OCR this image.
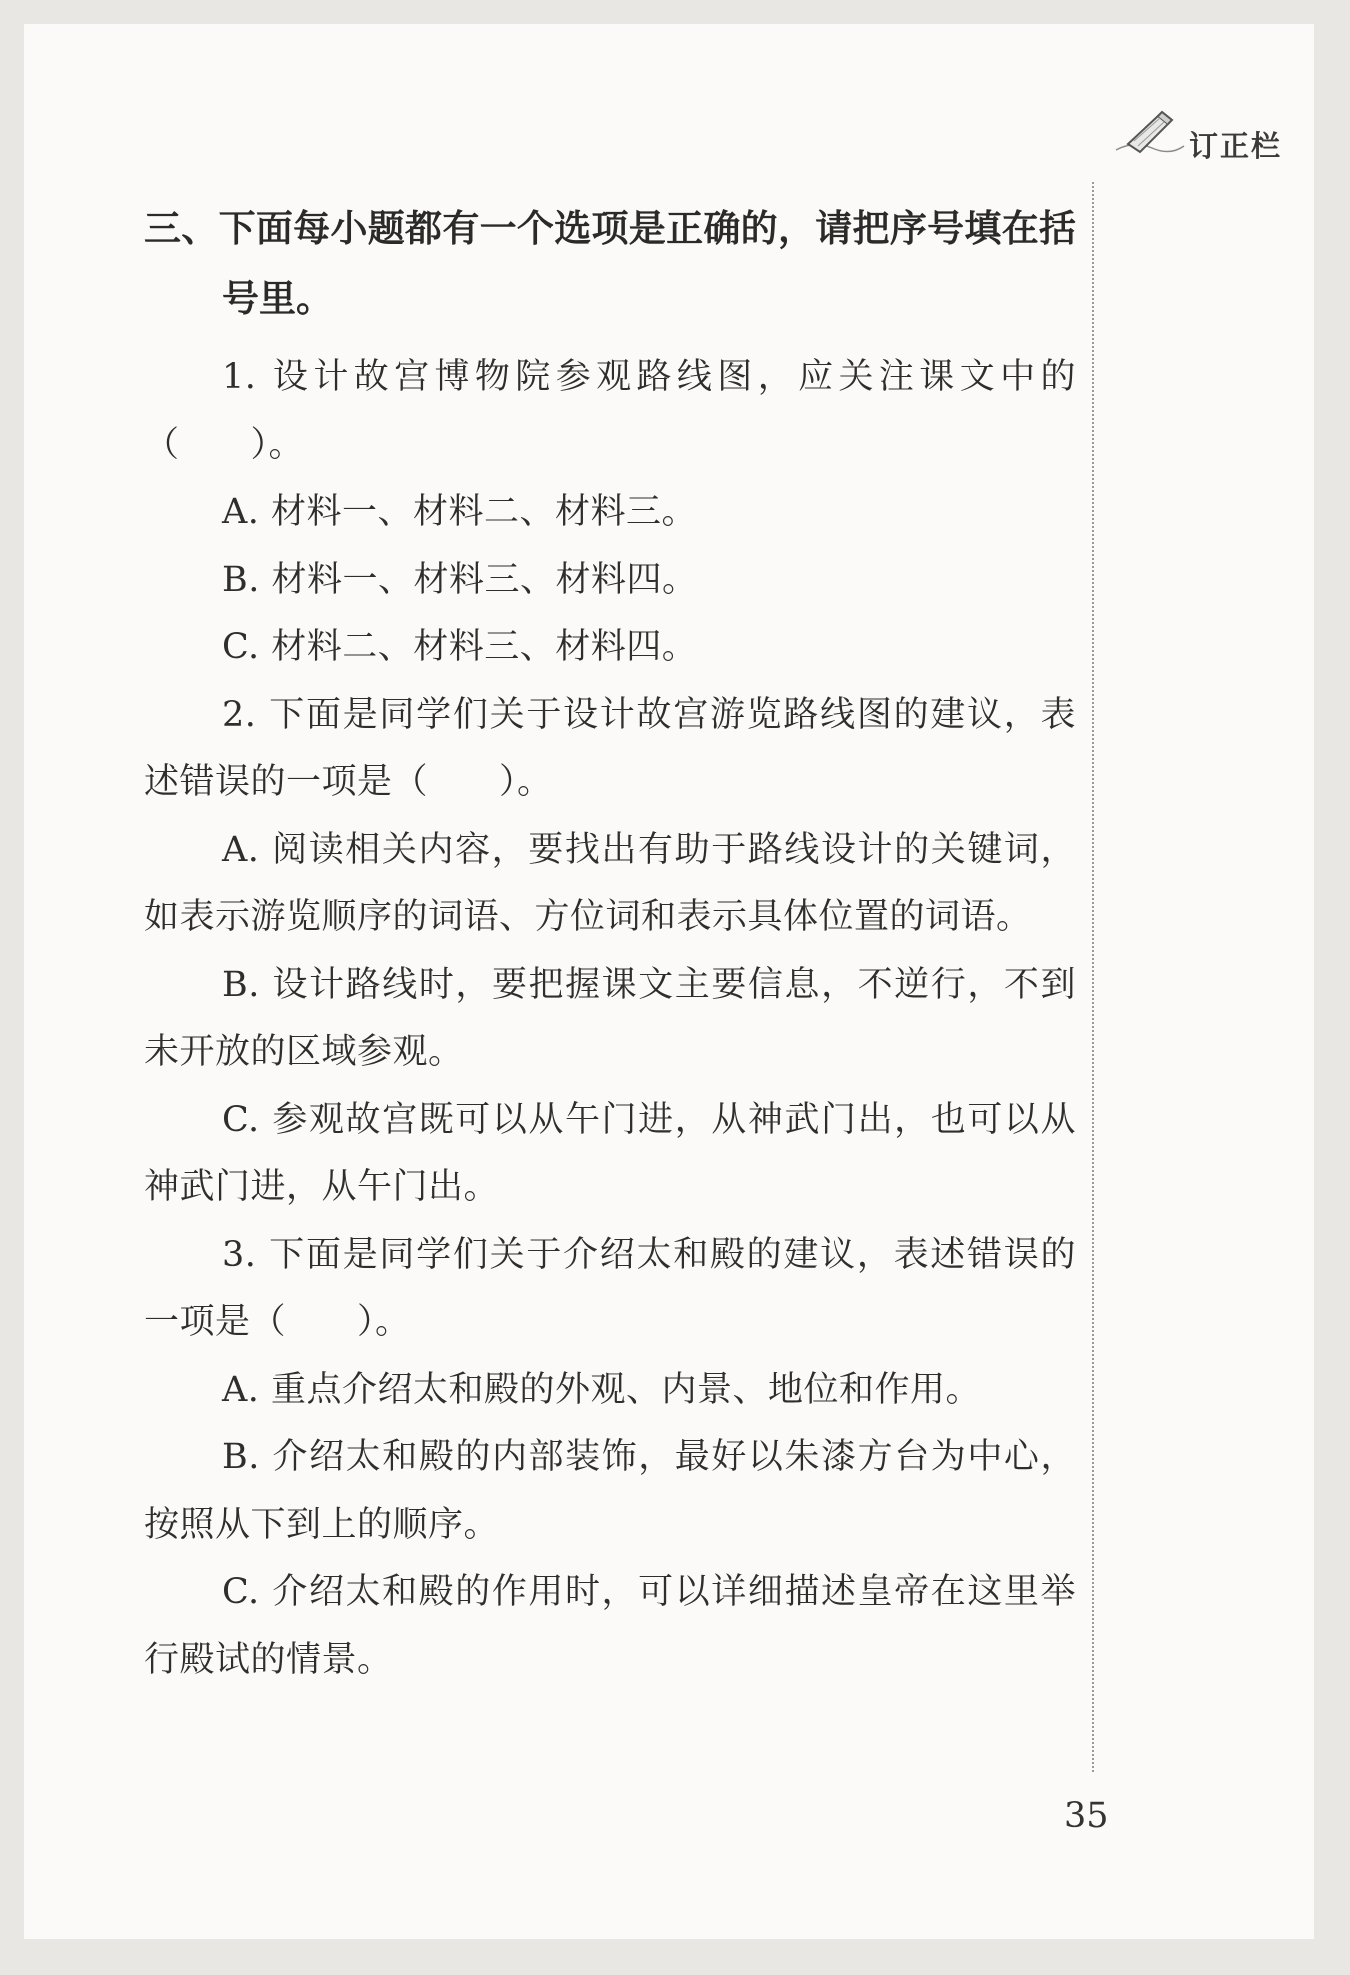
订正栏
三、下面每小题都有一个选项是正确的，请把序号填在括号里。

1. 设计故宫博物院参观路线图，应关注课文中的（　　）。

A. 材料一、材料二、材料三。

B. 材料一、材料三、材料四。

C. 材料二、材料三、材料四。

2. 下面是同学们关于设计故宫游览路线图的建议，表述错误的一项是（　　）。

A. 阅读相关内容，要找出有助于路线设计的关键词，如表示游览顺序的词语、方位词和表示具体位置的词语。

B. 设计路线时，要把握课文主要信息，不逆行，不到未开放的区域参观。

C. 参观故宫既可以从午门进，从神武门出，也可以从神武门进，从午门出。

3. 下面是同学们关于介绍太和殿的建议，表述错误的一项是（　　）。

A. 重点介绍太和殿的外观、内景、地位和作用。

B. 介绍太和殿的内部装饰，最好以朱漆方台为中心，按照从下到上的顺序。

C. 介绍太和殿的作用时，可以详细描述皇帝在这里举行殿试的情景。

35
